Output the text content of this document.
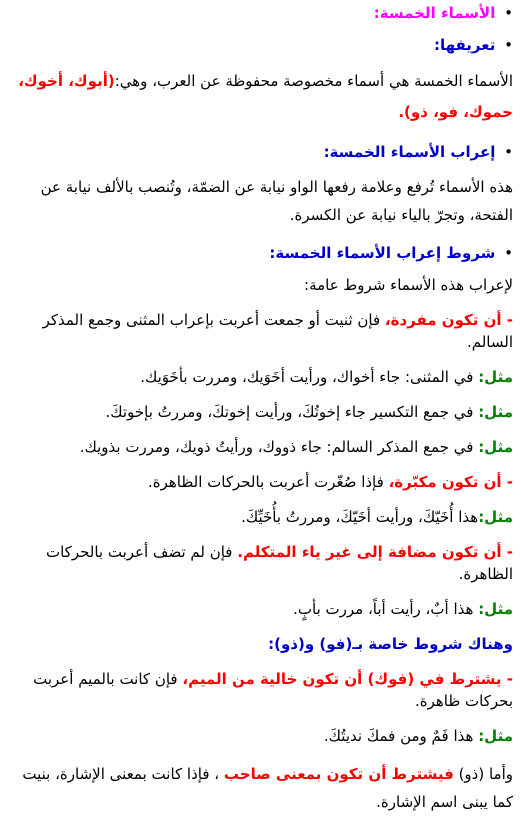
• الأسماء الخمسة:
• تعريفها:
الأسماء الخمسة هي أسماء مخصوصة محفوظة عن العرب، وهي:(أبوك، أخوك، حموك، فو، ذو).
• إعراب الأسماء الخمسة:
هذه الأسماء تُرفع وعلامة رفعها الواو نيابة عن الضمّة، وتُنصب بالألف نيابة عن الفتحة، وتجرّ بالياء نيابة عن الكسرة.
• شروط إعراب الأسماء الخمسة:
لإعراب هذه الأسماء شروط عامة:
- أن تكون مفردة، فإن ثنيت أو جمعت أعربت بإعراب المثنى وجمع المذكر السالم.
مثل: في المثنى: جاء أخواك، ورأيت أخَوَيك، ومررت بأخَوَيك.
مثل: في جمع التكسير جاء إخوتُكَ، ورأيت إخوتكَ، ومررتُ بإخوتكَ.
مثل: في جمع المذكر السالم: جاء ذووك، ورأيتُ ذويك، ومررت بذويك.
- أن تكون مكبّرة، فإذا صُغّرت أعربت بالحركات الظاهرة.
مثل:هذا أُخَيّكَ، ورأيت أخَيّكَ، ومررتُ بأُخَيِّكَ.
- أن تكون مضافة إلى غير ياء المتكلم. فإن لم تضف أعربت بالحركات الظاهرة.
مثل: هذا أبٌ، رأيت أباً، مررت بأبٍ.
وهناك شروط خاصة بـ(فو) و(ذو):
- يشترط في (فوك) أن تكون خالية من الميم، فإن كانت بالميم أعربت بحركات ظاهرة.
مثل: هذا فَمٌ ومن فمكَ نديتُكَ.
وأما (ذو) فيشترط أن تكون بمعنى صاحب ، فإذا كانت بمعنى الإشارة، بنيت كما يبنى اسم الإشارة.
